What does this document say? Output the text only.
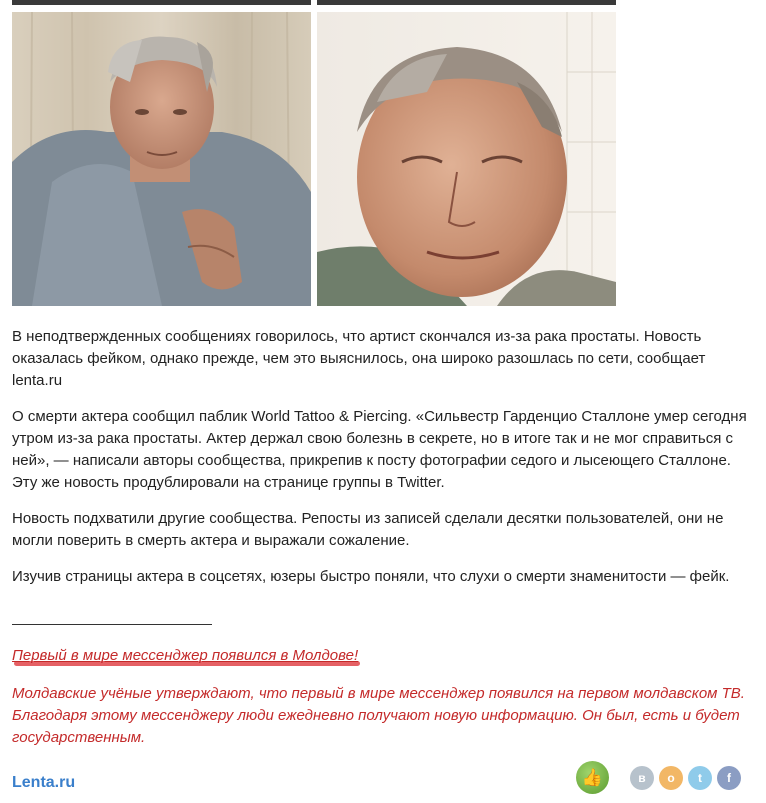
В неподтвержденных сообщениях говорилось, что артист скончался из-за рака простаты. Новость оказалась фейком, однако прежде, чем это выяснилось, она широко разошлась по сети, сообщает lenta.ru

О смерти актера сообщил паблик World Tattoo & Piercing. «Сильвестр Гарденцио Сталлоне умер сегодня утром из-за рака простаты. Актер держал свою болезнь в секрете, но в итоге так и не мог справиться с ней», — написали авторы сообщества, прикрепив к посту фотографии седого и лысеющего Сталлоне. Эту же новость продублировали на странице группы в Twitter.

Новость подхватили другие сообщества. Репосты из записей сделали десятки пользователей, они не могли поверить в смерть актера и выражали сожаление.

Изучив страницы актера в соцсетях, юзеры быстро поняли, что слухи о смерти знаменитости — фейк.

Первый в мире мессенджер появился в Молдове!

Молдавские учёные утверждают, что первый в мире мессенджер появился на первом молдавском ТВ. Благодаря этому мессенджеру люди ежедневно получают новую информацию. Он был, есть и будет государственным.

Lenta.ru	👍	в	о	t	f
